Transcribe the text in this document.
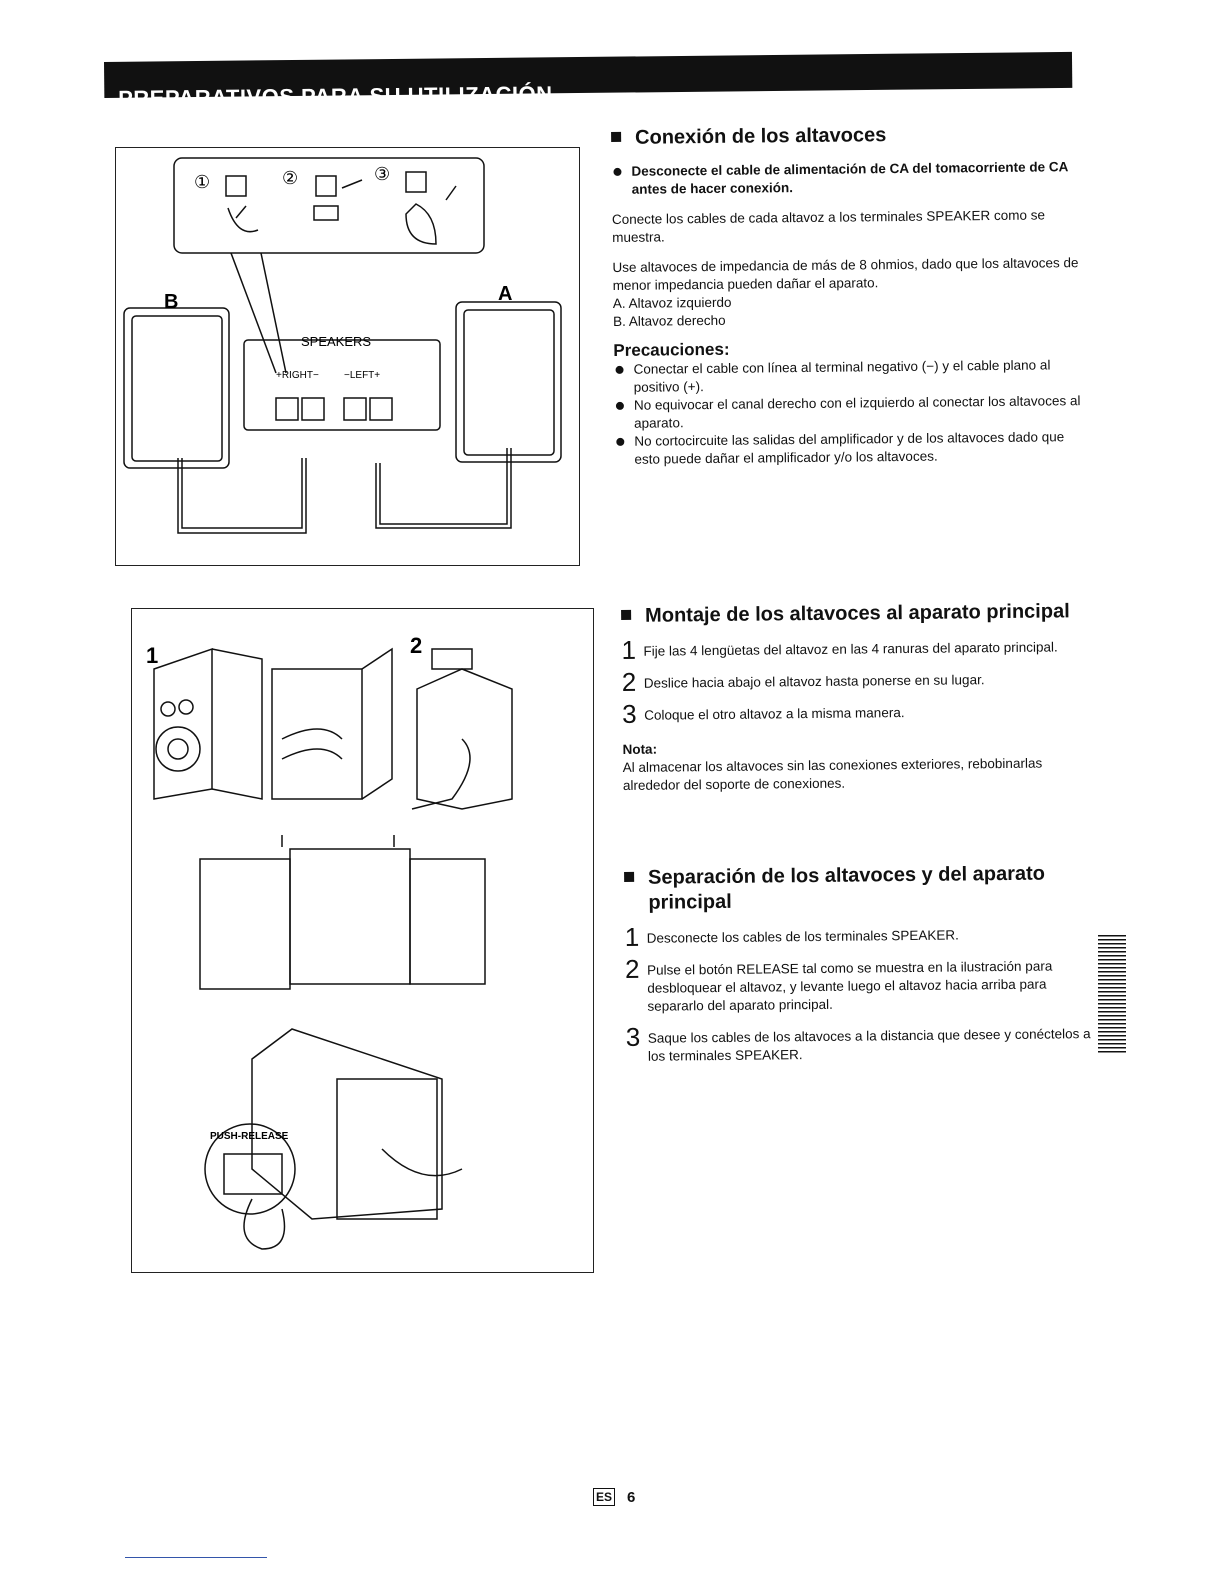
PREPARATIVOS PARA SU UTILIZACIÓN
①	②	③
B	A
SPEAKERS
+RIGHT−	−LEFT+
1	2
PUSH-RELEASE
Conexión de los altavoces
Desconecte el cable de alimentación de CA del tomacorriente de CA antes de hacer conexión.
Conecte los cables de cada altavoz a los terminales SPEAKER como se muestra.
Use altavoces de impedancia de más de 8 ohmios, dado que los altavoces de menor impedancia pueden dañar el aparato.
A. Altavoz izquierdo
B. Altavoz derecho
Precauciones:
Conectar el cable con línea al terminal negativo (−) y el cable plano al positivo (+).
No equivocar el canal derecho con el izquierdo al conectar los altavoces al aparato.
No cortocircuite las salidas del amplificador y de los altavoces dado que esto puede dañar el amplificador y/o los altavoces.
Montaje de los altavoces al aparato principal
1 Fije las 4 lengüetas del altavoz en las 4 ranuras del aparato principal.
2 Deslice hacia abajo el altavoz hasta ponerse en su lugar.
3 Coloque el otro altavoz a la misma manera.
Nota:
Al almacenar los altavoces sin las conexiones exteriores, rebobinarlas alrededor del soporte de conexiones.
Separación de los altavoces y del aparato principal
1 Desconecte los cables de los terminales SPEAKER.
2 Pulse el botón RELEASE tal como se muestra en la ilustración para desbloquear el altavoz, y levante luego el altavoz hacia arriba para separarlo del aparato principal.
3 Saque los cables de los altavoces a la distancia que desee y conéctelos a los terminales SPEAKER.
ES 6
